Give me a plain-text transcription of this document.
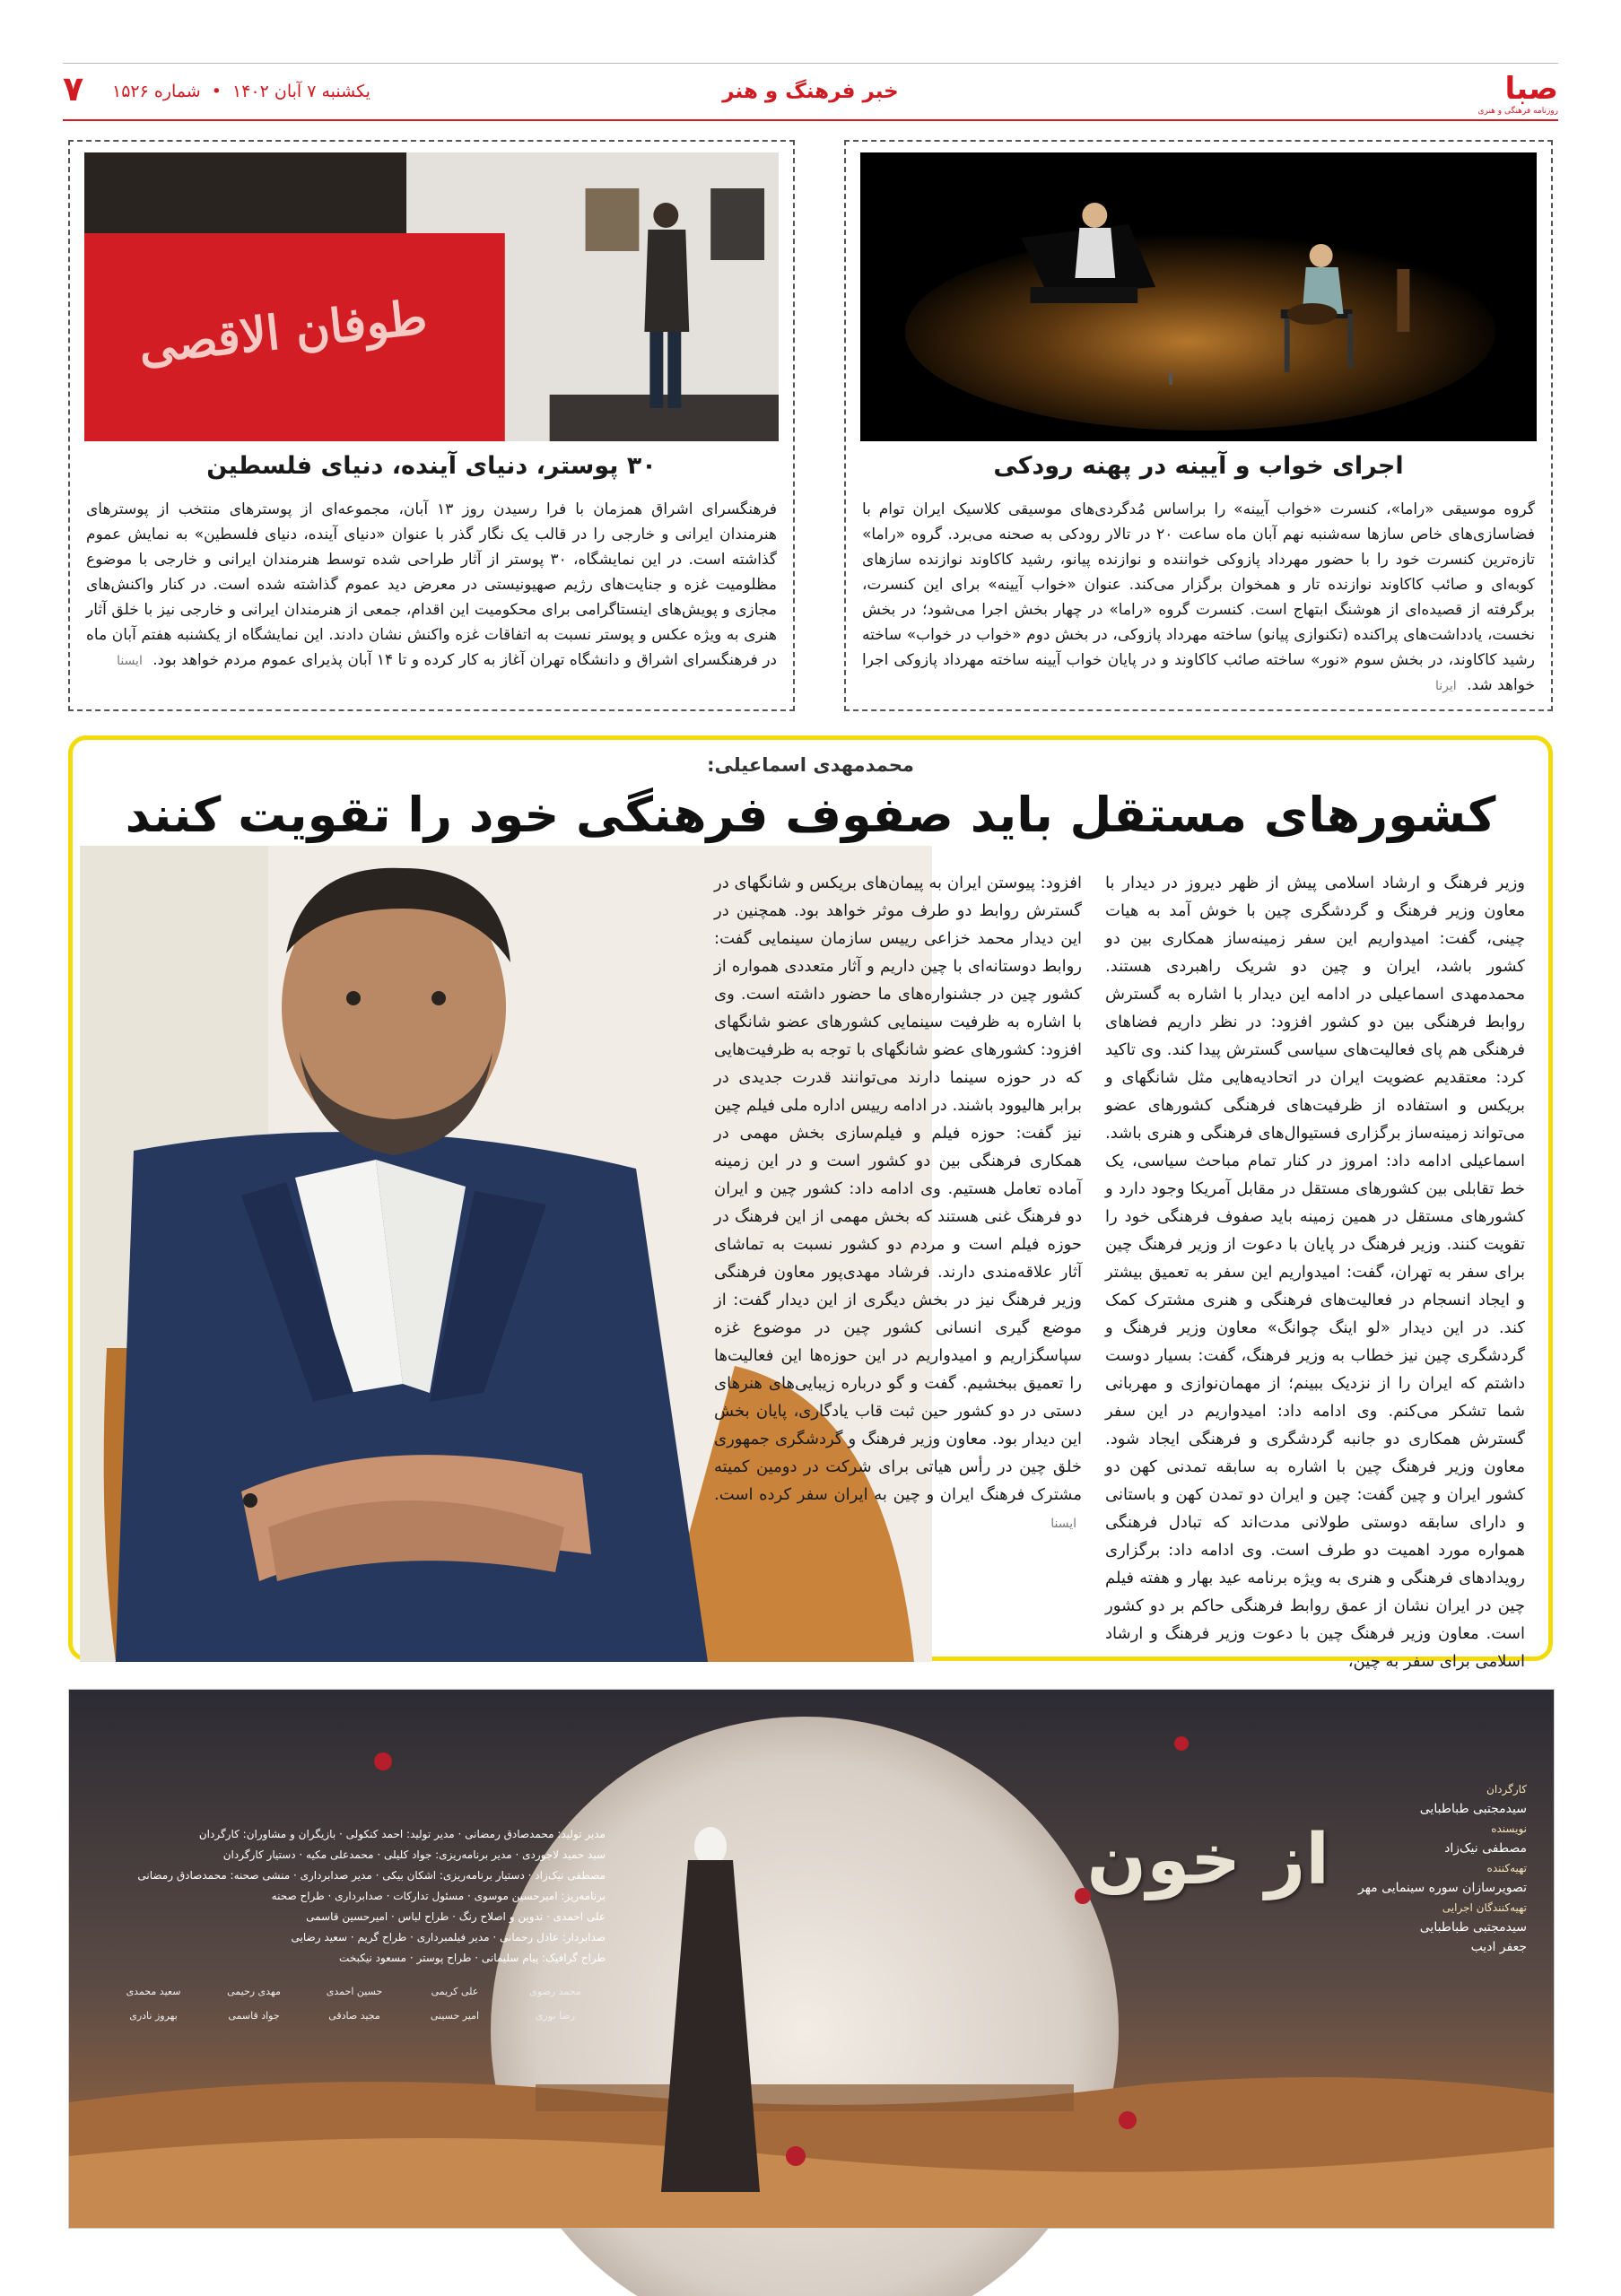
صبا
روزنامه فرهنگی و هنری
خبر فرهنگ و هنر
یکشنبه ۷ آبان ۱۴۰۲ • شماره ۱۵۲۶
۷
اجرای خواب و آیینه در پهنه رودکی
گروه موسیقی «راما»، کنسرت «خواب آیینه» را براساس مُدگردی‌های موسیقی کلاسیک ایران توام با فضاسازی‌های خاص سازها سه‌شنبه نهم آبان ماه ساعت ۲۰ در تالار رودکی به صحنه می‌برد. گروه «راما» تازه‌ترین کنسرت خود را با حضور مهرداد پازوکی خواننده و نوازنده پیانو، رشید کاکاوند نوازنده سازهای کوبه‌ای و صائب کاکاوند نوازنده تار و همخوان برگزار می‌کند. عنوان «خواب آیینه» برای این کنسرت، برگرفته از قصیده‌ای از هوشنگ ابتهاج است. کنسرت گروه «راما» در چهار بخش اجرا می‌شود؛ در بخش نخست، یادداشت‌های پراکنده (تکنوازی پیانو) ساخته مهرداد پازوکی، در بخش دوم «خواب در خواب» ساخته رشید کاکاوند، در بخش سوم «نور» ساخته صائب کاکاوند و در پایان خواب آیینه ساخته مهرداد پازوکی اجرا خواهد شد. ایرنا
طوفان الاقصی
۳۰ پوستر، دنیای آینده، دنیای فلسطین
فرهنگسرای اشراق همزمان با فرا رسیدن روز ۱۳ آبان، مجموعه‌ای از پوسترهای منتخب از پوسترهای هنرمندان ایرانی و خارجی را در قالب یک نگار گذر با عنوان «دنیای آینده، دنیای فلسطین» به نمایش عموم گذاشته است. در این نمایشگاه، ۳۰ پوستر از آثار طراحی شده توسط هنرمندان ایرانی و خارجی با موضوع مظلومیت غزه و جنایت‌های رژیم صهیونیستی در معرض دید عموم گذاشته شده است. در کنار واکنش‌های مجازی و پویش‌های اینستاگرامی برای محکومیت این اقدام، جمعی از هنرمندان ایرانی و خارجی نیز با خلق آثار هنری به ویژه عکس و پوستر نسبت به اتفاقات غزه واکنش نشان دادند. این نمایشگاه از یکشنبه هفتم آبان ماه در فرهنگسرای اشراق و دانشگاه تهران آغاز به کار کرده و تا ۱۴ آبان پذیرای عموم مردم خواهد بود. ایسنا
محمدمهدی اسماعیلی:
کشورهای مستقل باید صفوف فرهنگی خود را تقویت کنند
وزیر فرهنگ و ارشاد اسلامی پیش از ظهر دیروز در دیدار با معاون وزیر فرهنگ و گردشگری چین با خوش آمد به هیات چینی، گفت: امیدواریم این سفر زمینه‌ساز همکاری بین دو کشور باشد، ایران و چین دو شریک راهبردی هستند. محمدمهدی اسماعیلی در ادامه این دیدار با اشاره به گسترش روابط فرهنگی بین دو کشور افزود: در نظر داریم فضاهای فرهنگی هم پای فعالیت‌های سیاسی گسترش پیدا کند. وی تاکید کرد: معتقدیم عضویت ایران در اتحادیه‌هایی مثل شانگهای و بریکس و استفاده از ظرفیت‌های فرهنگی کشورهای عضو می‌تواند زمینه‌ساز برگزاری فستیوال‌های فرهنگی و هنری باشد. اسماعیلی ادامه داد: امروز در کنار تمام مباحث سیاسی، یک خط تقابلی بین کشورهای مستقل در مقابل آمریکا وجود دارد و کشورهای مستقل در همین زمینه باید صفوف فرهنگی خود را تقویت کنند. وزیر فرهنگ در پایان با دعوت از وزیر فرهنگ چین برای سفر به تهران، گفت: امیدواریم این سفر به تعمیق بیشتر و ایجاد انسجام در فعالیت‌های فرهنگی و هنری مشترک کمک کند. در این دیدار «لو اینگ چوانگ» معاون وزیر فرهنگ و گردشگری چین نیز خطاب به وزیر فرهنگ، گفت: بسیار دوست داشتم که ایران را از نزدیک ببینم؛ از مهمان‌نوازی و مهربانی شما تشکر می‌کنم. وی ادامه داد: امیدواریم در این سفر گسترش همکاری دو جانبه گردشگری و فرهنگی ایجاد شود. معاون وزیر فرهنگ چین با اشاره به سابقه تمدنی کهن دو کشور ایران و چین گفت: چین و ایران دو تمدن کهن و باستانی و دارای سابقه دوستی طولانی مدت‌اند که تبادل فرهنگی همواره مورد اهمیت دو طرف است. وی ادامه داد: برگزاری رویدادهای فرهنگی و هنری به ویژه برنامه عید بهار و هفته فیلم چین در ایران نشان از عمق روابط فرهنگی حاکم بر دو کشور است. معاون وزیر فرهنگ چین با دعوت وزیر فرهنگ و ارشاد اسلامی برای سفر به چین،
افزود: پیوستن ایران به پیمان‌های بریکس و شانگهای در گسترش روابط دو طرف موثر خواهد بود. همچنین در این دیدار محمد خزاعی رییس سازمان سینمایی گفت: روابط دوستانه‌ای با چین داریم و آثار متعددی همواره از کشور چین در جشنواره‌های ما حضور داشته است. وی با اشاره به ظرفیت سینمایی کشورهای عضو شانگهای افزود: کشورهای عضو شانگهای با توجه به ظرفیت‌هایی که در حوزه سینما دارند می‌توانند قدرت جدیدی در برابر هالیوود باشند. در ادامه رییس اداره ملی فیلم چین نیز گفت: حوزه فیلم و فیلم‌سازی بخش مهمی در همکاری فرهنگی بین دو کشور است و در این زمینه آماده تعامل هستیم. وی ادامه داد: کشور چین و ایران دو فرهنگ غنی هستند که بخش مهمی از این فرهنگ در حوزه فیلم است و مردم دو کشور نسبت به تماشای آثار علاقه‌مندی دارند. فرشاد مهدی‌پور معاون فرهنگی وزیر فرهنگ نیز در بخش دیگری از این دیدار گفت: از موضع گیری انسانی کشور چین در موضوع غزه سپاسگزاریم و امیدواریم در این حوزه‌ها این فعالیت‌ها را تعمیق ببخشیم. گفت و گو درباره زیبایی‌های هنرهای دستی در دو کشور حین ثبت قاب یادگاری، پایان بخش این دیدار بود. معاون وزیر فرهنگ و گردشگری جمهوری خلق چین در رأس هیاتی برای شرکت در دومین کمیته مشترک فرهنگ ایران و چین به ایران سفر کرده است. ایسنا
از خون
کارگردان
سیدمجتبی طباطبایی
نویسنده
مصطفی نیک‌زاد
تهیه‌کننده
تصویرسازان سوره سینمایی مهر
تهیه‌کنندگان اجرایی
سیدمجتبی طباطبایی
جعفر ادیب
مدیر تولید: محمدصادق رمضانی · مدیر تولید: احمد کنکولی · بازیگران و مشاوران: کارگردان
سید حمید لاجوردی · مدیر برنامه‌ریزی: جواد کلیلی · محمدعلی مکیه · دستیار کارگردان
مصطفی نیک‌زاد · دستیار برنامه‌ریزی: اشکان بیکی · مدیر صدابرداری · منشی صحنه: محمدصادق رمضانی
برنامه‌ریز: امیرحسین موسوی · مسئول تدارکات · صدابرداری · طراح صحنه
علی احمدی · تدوین و اصلاح رنگ · طراح لباس · امیرحسین قاسمی
صدابردار: عادل رحمانی · مدیر فیلمبرداری · طراح گریم · سعید رضایی
طراح گرافیک: پیام سلیمانی · طراح پوستر · مسعود نیکبخت
محمد رضوی
علی کریمی
حسین احمدی
مهدی رحیمی
سعید محمدی
رضا نوری
امیر حسینی
مجید صادقی
جواد قاسمی
بهروز نادری
